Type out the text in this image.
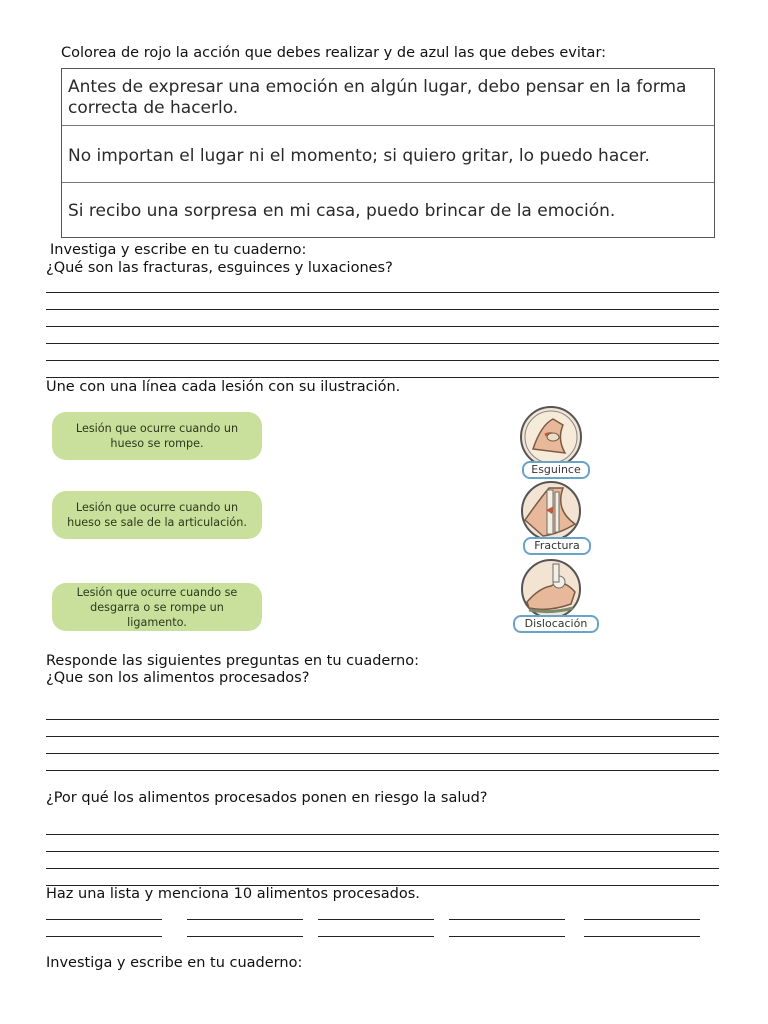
Colorea de rojo la acción que debes realizar y de azul las que debes evitar:
Antes de expresar una emoción en algún lugar, debo pensar en la forma correcta de hacerlo.
No importan el lugar ni el momento; si quiero gritar, lo puedo hacer.
Si recibo una sorpresa en mi casa, puedo brincar de la emoción.
Investiga y escribe en tu cuaderno:
¿Qué son las fracturas, esguinces y luxaciones?
Une con una línea cada lesión con su ilustración.
Lesión que ocurre cuando un hueso se rompe.
Lesión que ocurre cuando un hueso se sale de la articulación.
Lesión que ocurre cuando se desgarra o se rompe un ligamento.
Esguince
Fractura
Dislocación
Responde las siguientes preguntas en tu cuaderno:
¿Que son los alimentos procesados?
¿Por qué los alimentos procesados ponen en riesgo la salud?
Haz una lista y menciona 10 alimentos procesados.
Investiga y escribe en tu cuaderno:
